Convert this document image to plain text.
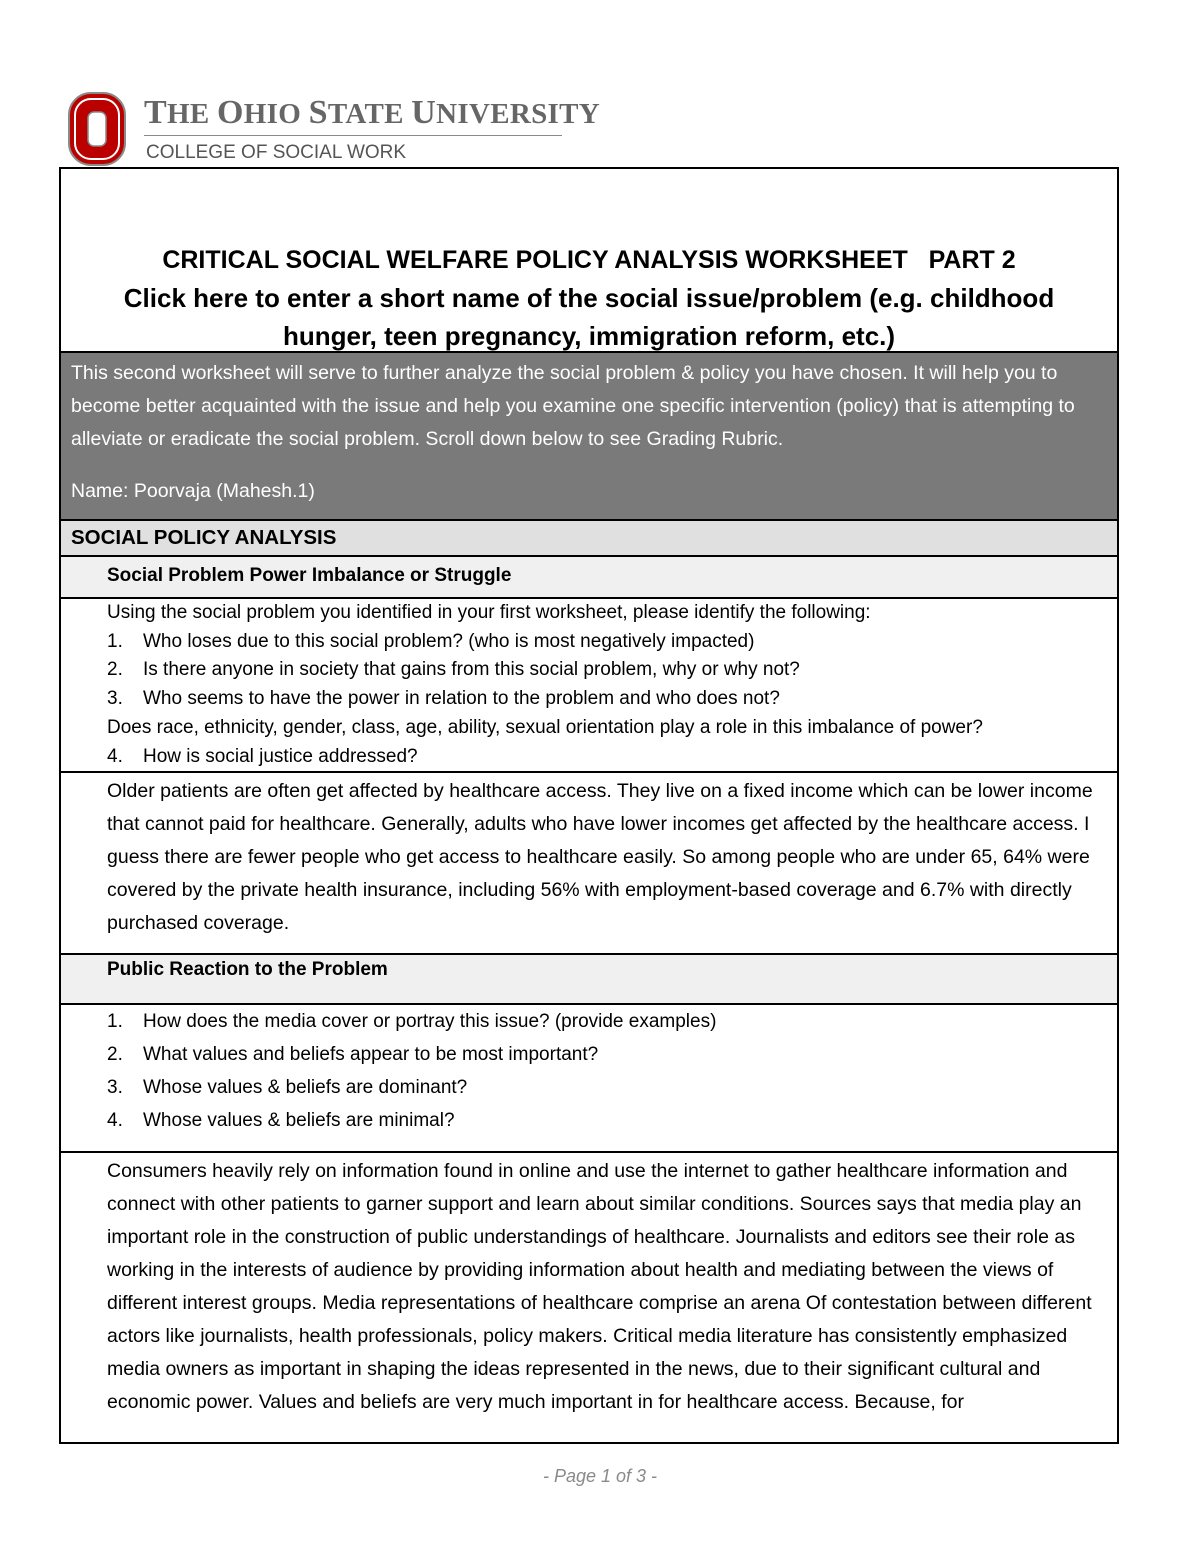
THE OHIO STATE UNIVERSITY
COLLEGE OF SOCIAL WORK
CRITICAL SOCIAL WELFARE POLICY ANALYSIS WORKSHEET   PART 2
Click here to enter a short name of the social issue/problem (e.g. childhood hunger, teen pregnancy, immigration reform, etc.)

This second worksheet will serve to further analyze the social problem & policy you have chosen. It will help you to become better acquainted with the issue and help you examine one specific intervention (policy) that is attempting to alleviate or eradicate the social problem. Scroll down below to see Grading Rubric.

Name: Poorvaja (Mahesh.1)

SOCIAL POLICY ANALYSIS
Social Problem Power Imbalance or Struggle
Using the social problem you identified in your first worksheet, please identify the following:
1. Who loses due to this social problem? (who is most negatively impacted)
2. Is there anyone in society that gains from this social problem, why or why not?
3. Who seems to have the power in relation to the problem and who does not?
Does race, ethnicity, gender, class, age, ability, sexual orientation play a role in this imbalance of power?
4. How is social justice addressed?
Older patients are often get affected by healthcare access. They live on a fixed income which can be lower income that cannot paid for healthcare. Generally, adults who have lower incomes get affected by the healthcare access. I guess there are fewer people who get access to healthcare easily. So among people who are under 65, 64% were covered by the private health insurance, including 56% with employment-based coverage and 6.7% with directly purchased coverage.
Public Reaction to the Problem
1. How does the media cover or portray this issue? (provide examples)
2. What values and beliefs appear to be most important?
3. Whose values & beliefs are dominant?
4. Whose values & beliefs are minimal?
Consumers heavily rely on information found in online and use the internet to gather healthcare information and connect with other patients to garner support and learn about similar conditions. Sources says that media play an important role in the construction of public understandings of healthcare. Journalists and editors see their role as working in the interests of audience by providing information about health and mediating between the views of different interest groups. Media representations of healthcare comprise an arena Of contestation between different actors like journalists, health professionals, policy makers. Critical media literature has consistently emphasized media owners as important in shaping the ideas represented in the news, due to their significant cultural and economic power. Values and beliefs are very much important in for healthcare access. Because, for
- Page 1 of 3 -
